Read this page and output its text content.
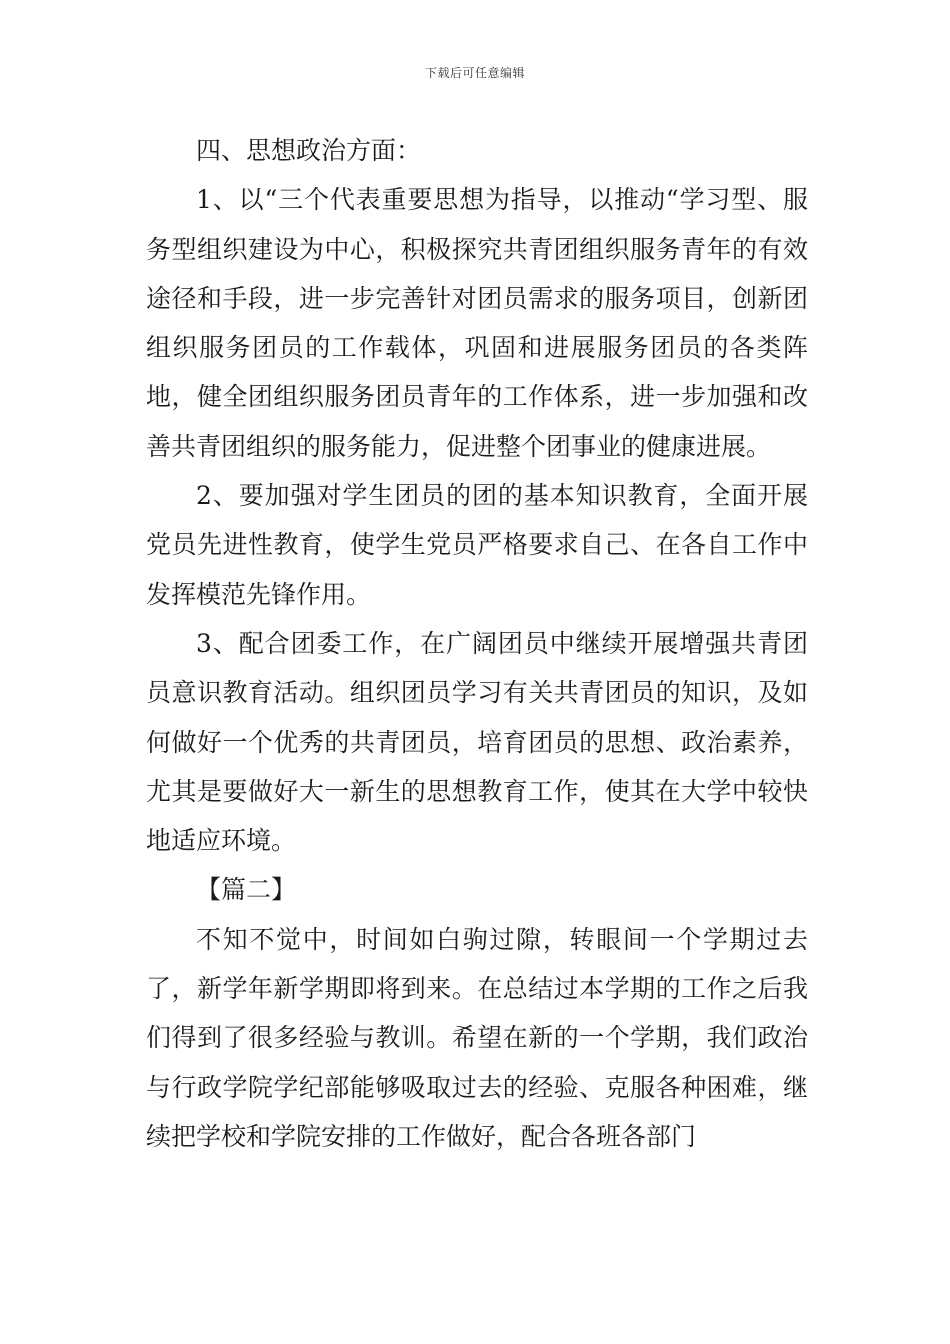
下载后可任意编辑

四、思想政治方面：

1、以“三个代表重要思想为指导，以推动“学习型、服务型组织建设为中心，积极探究共青团组织服务青年的有效途径和手段，进一步完善针对团员需求的服务项目，创新团组织服务团员的工作载体，巩固和进展服务团员的各类阵地，健全团组织服务团员青年的工作体系，进一步加强和改善共青团组织的服务能力，促进整个团事业的健康进展。

2、要加强对学生团员的团的基本知识教育，全面开展党员先进性教育，使学生党员严格要求自己、在各自工作中发挥模范先锋作用。

3、配合团委工作，在广阔团员中继续开展增强共青团员意识教育活动。组织团员学习有关共青团员的知识，及如何做好一个优秀的共青团员，培育团员的思想、政治素养，尤其是要做好大一新生的思想教育工作，使其在大学中较快地适应环境。

【篇二】

不知不觉中，时间如白驹过隙，转眼间一个学期过去了，新学年新学期即将到来。在总结过本学期的工作之后我们得到了很多经验与教训。希望在新的一个学期，我们政治与行政学院学纪部能够吸取过去的经验、克服各种困难，继续把学校和学院安排的工作做好，配合各班各部门
